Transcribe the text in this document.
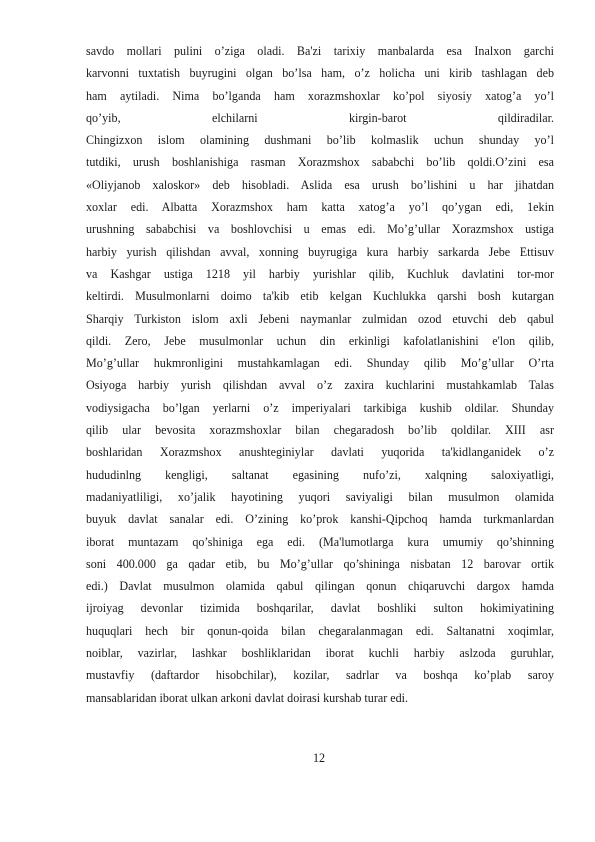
savdo mollari pulini o’ziga oladi. Ba'zi tarixiy manbalarda esa Inalxon garchi
karvonni tuxtatish buyrugini olgan bo’lsa ham, o’z holicha uni kirib tashlagan deb
ham aytiladi. Nima bo’lganda ham xorazmshoxlar ko’pol siyosiy xatog’a yo’l
qo’yib, elchilarni kirgin-barot qildiradilar.
Chingizxon islom olamining dushmani bo’lib kolmaslik uchun shunday yo’l
tutdiki, urush boshlanishiga rasman Xorazmshox sababchi bo’lib qoldi.O’zini esa
«Oliyjanob xaloskor» deb hisobladi. Aslida esa urush bo’lishini u har jihatdan
xoxlar edi. Albatta Xorazmshox ham katta xatog’a yo’l qo’ygan edi, 1ekin
urushning sababchisi va boshlovchisi u emas edi. Mo’g’ullar Xorazmshox ustiga
harbiy yurish qilishdan avval, xonning buyrugiga kura harbiy sarkarda Jebe Ettisuv
va Kashgar ustiga 1218 yil harbiy yurishlar qilib, Kuchluk davlatini tor-mor
keltirdi. Musulmonlarni doimo ta'kib etib kelgan Kuchlukka qarshi bosh kutargan
Sharqiy Turkiston islom axli Jebeni naymanlar zulmidan ozod etuvchi deb qabul
qildi. Zero, Jebe musulmonlar uchun din erkinligi kafolatlanishini e'lon qilib,
Mo’g’ullar hukmronligini mustahkamlagan edi. Shunday qilib Mo’g’ullar O’rta
Osiyoga harbiy yurish qilishdan avval o’z zaxira kuchlarini mustahkamlab Talas
vodiysigacha bo’lgan yerlarni o’z imperiyalari tarkibiga kushib oldilar. Shunday
qilib ular bevosita xorazmshoxlar bilan chegaradosh bo’lib qoldilar. XIII asr
boshlaridan Xorazmshox anushteginiylar davlati yuqorida ta'kidlanganidek o’z
hududinlng kengligi, saltanat egasining nufo’zi, xalqning saloxiyatligi,
madaniyatliligi, xo’jalik hayotining yuqori saviyaligi bilan musulmon olamida
buyuk davlat sanalar edi. O’zining ko’prok kanshi-Qipchoq hamda turkmanlardan
iborat muntazam qo’shiniga ega edi. (Ma'lumotlarga kura umumiy qo’shinning
soni 400.000 ga qadar etib, bu Mo’g’ullar qo’shininga nisbatan 12 barovar ortik
edi.) Davlat musulmon olamida qabul qilingan qonun chiqaruvchi dargox hamda
ijroiyag devonlar tizimida boshqarilar, davlat boshliki sulton hokimiyatining
huquqlari hech bir qonun-qoida bilan chegaralanmagan edi. Saltanatni xoqimlar,
noiblar, vazirlar, lashkar boshliklaridan iborat kuchli harbiy aslzoda guruhlar,
mustavfiy (daftardor hisobchilar), kozilar, sadrlar va boshqa ko’plab saroy
mansablaridan iborat ulkan arkoni davlat doirasi kurshab turar edi.
12
